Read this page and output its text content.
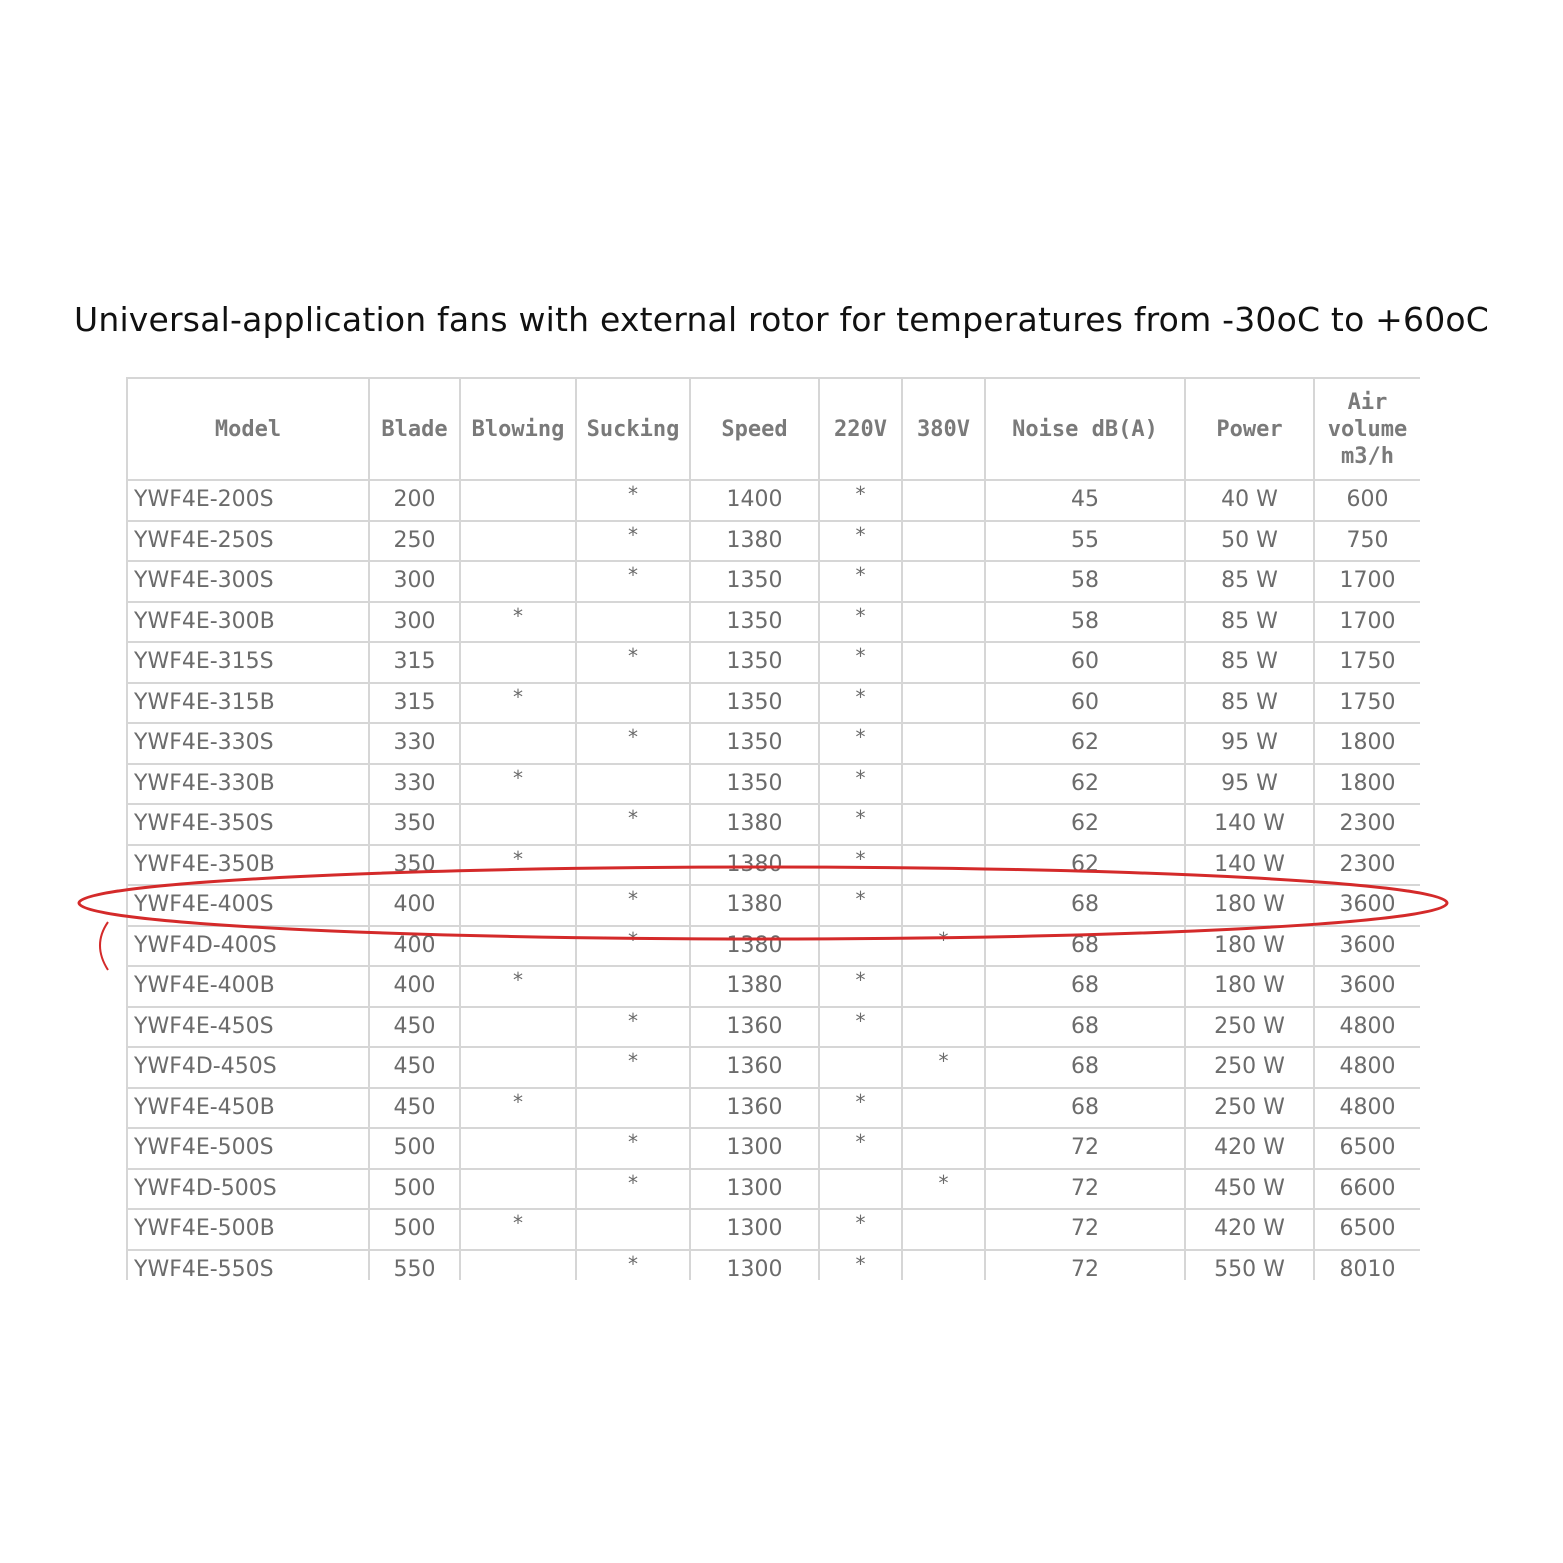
Universal-application fans with external rotor for temperatures from -30oC to +60oC
Model	Blade	Blowing	Sucking	Speed	220V	380V	Noise dB(A)	Power	Air
volume
m3/h
YWF4E-200S	200		*	1400	*		45	40 W	600
YWF4E-250S	250		*	1380	*		55	50 W	750
YWF4E-300S	300		*	1350	*		58	85 W	1700
YWF4E-300B	300	*		1350	*		58	85 W	1700
YWF4E-315S	315		*	1350	*		60	85 W	1750
YWF4E-315B	315	*		1350	*		60	85 W	1750
YWF4E-330S	330		*	1350	*		62	95 W	1800
YWF4E-330B	330	*		1350	*		62	95 W	1800
YWF4E-350S	350		*	1380	*		62	140 W	2300
YWF4E-350B	350	*		1380	*		62	140 W	2300
YWF4E-400S	400		*	1380	*		68	180 W	3600
YWF4D-400S	400		*	1380		*	68	180 W	3600
YWF4E-400B	400	*		1380	*		68	180 W	3600
YWF4E-450S	450		*	1360	*		68	250 W	4800
YWF4D-450S	450		*	1360		*	68	250 W	4800
YWF4E-450B	450	*		1360	*		68	250 W	4800
YWF4E-500S	500		*	1300	*		72	420 W	6500
YWF4D-500S	500		*	1300		*	72	450 W	6600
YWF4E-500B	500	*		1300	*		72	420 W	6500
YWF4E-550S	550		*	1300	*		72	550 W	8010
